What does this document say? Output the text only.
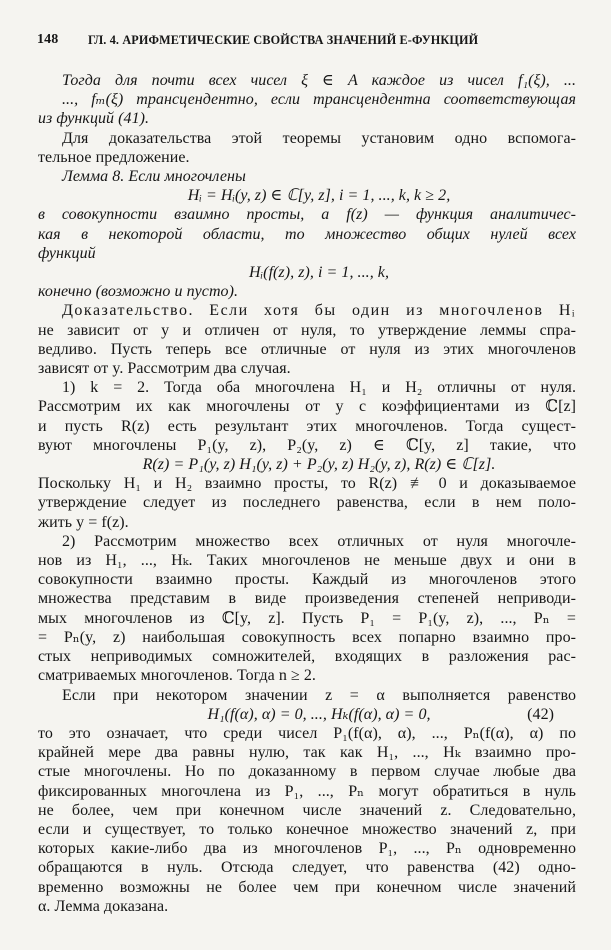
148 ГЛ. 4. АРИФМЕТИЧЕСКИЕ СВОЙСТВА ЗНАЧЕНИЙ E-ФУНКЦИЙ
Тогда для почти всех чисел ξ ∈ A каждое из чисел f₁(ξ), ...
..., fₘ(ξ) трансцендентно, если трансцендентна соответствующая
из функций (41).
Для доказательства этой теоремы установим одно вспомога-
тельное предложение.
Лемма 8. Если многочлены
Hᵢ = Hᵢ(y, z) ∈ ℂ[y, z], i = 1, ..., k, k ≥ 2,
в совокупности взаимно просты, а f(z) — функция аналитичес-
кая в некоторой области, то множество общих нулей всех
функций
Hᵢ(f(z), z), i = 1, ..., k,
конечно (возможно и пусто).
Доказательство. Если хотя бы один из многочленов Hᵢ
не зависит от y и отличен от нуля, то утверждение леммы спра-
ведливо. Пусть теперь все отличные от нуля из этих многочленов
зависят от y. Рассмотрим два случая.
1) k = 2. Тогда оба многочлена H₁ и H₂ отличны от нуля.
Рассмотрим их как многочлены от y с коэффициентами из ℂ[z]
и пусть R(z) есть результант этих многочленов. Тогда сущест-
вуют многочлены P₁(y, z), P₂(y, z) ∈ ℂ[y, z] такие, что
R(z) = P₁(y, z) H₁(y, z) + P₂(y, z) H₂(y, z), R(z) ∈ ℂ[z].
Поскольку H₁ и H₂ взаимно просты, то R(z) ≢ 0 и доказываемое
утверждение следует из последнего равенства, если в нем поло-
жить y = f(z).
2) Рассмотрим множество всех отличных от нуля многочле-
нов из H₁, ..., Hₖ. Таких многочленов не меньше двух и они в
совокупности взаимно просты. Каждый из многочленов этого
множества представим в виде произведения степеней неприводи-
мых многочленов из ℂ[y, z]. Пусть P₁ = P₁(y, z), ..., Pₙ =
= Pₙ(y, z) наибольшая совокупность всех попарно взаимно про-
стых неприводимых сомножителей, входящих в разложения рас-
сматриваемых многочленов. Тогда n ≥ 2.
Если при некотором значении z = α выполняется равенство
H₁(f(α), α) = 0, ..., Hₖ(f(α), α) = 0,	(42)
то это означает, что среди чисел P₁(f(α), α), ..., Pₙ(f(α), α) по
крайней мере два равны нулю, так как H₁, ..., Hₖ взаимно про-
стые многочлены. Но по доказанному в первом случае любые два
фиксированных многочлена из P₁, ..., Pₙ могут обратиться в нуль
не более, чем при конечном числе значений z. Следовательно,
если и существует, то только конечное множество значений z, при
которых какие-либо два из многочленов P₁, ..., Pₙ одновременно
обращаются в нуль. Отсюда следует, что равенства (42) одно-
временно возможны не более чем при конечном числе значений
α. Лемма доказана.
